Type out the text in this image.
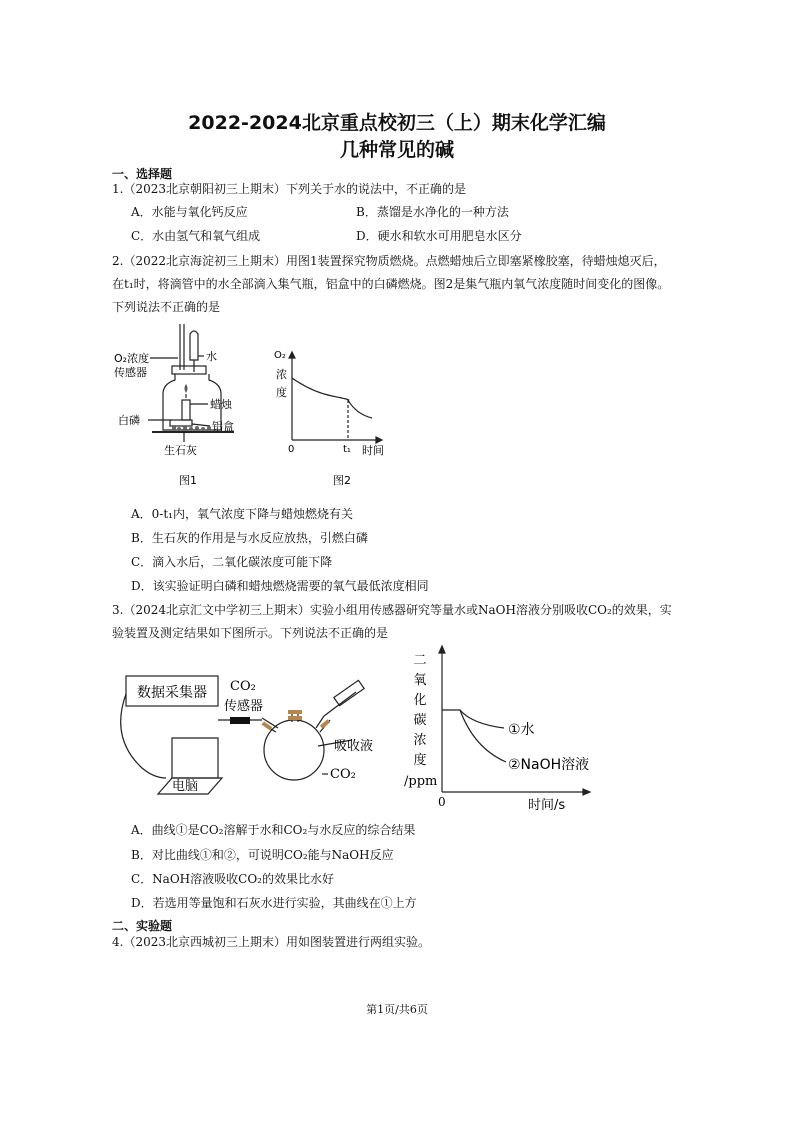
2022-2024北京重点校初三（上）期末化学汇编
几种常见的碱
一、选择题
1.（2023北京朝阳初三上期末）下列关于水的说法中，不正确的是
A．水能与氧化钙反应	B．蒸馏是水净化的一种方法
C．水由氢气和氧气组成	D．硬水和软水可用肥皂水区分
2.（2022北京海淀初三上期末）用图1装置探究物质燃烧。点燃蜡烛后立即塞紧橡胶塞，待蜡烛熄灭后，
在t₁时，将滴管中的水全部滴入集气瓶，铝盒中的白磷燃烧。图2是集气瓶内氧气浓度随时间变化的图像。
下列说法不正确的是
O₂浓度
传感器
水
蜡烛
白磷	铝盒
生石灰
图1
O₂
浓
度
0	t₁ 时间
图2
A．0-t₁内，氧气浓度下降与蜡烛燃烧有关
B．生石灰的作用是与水反应放热，引燃白磷
C．滴入水后，二氧化碳浓度可能下降
D．该实验证明白磷和蜡烛燃烧需要的氧气最低浓度相同
3.（2024北京汇文中学初三上期末）实验小组用传感器研究等量水或NaOH溶液分别吸收CO₂的效果，实
验装置及测定结果如下图所示。下列说法不正确的是
数据采集器 CO₂
传感器
电脑
吸收液
CO₂
二
氧
化
碳
浓
度
/ppm
0	时间/s
①水
②NaOH溶液
A．曲线①是CO₂溶解于水和CO₂与水反应的综合结果
B．对比曲线①和②，可说明CO₂能与NaOH反应
C．NaOH溶液吸收CO₂的效果比水好
D．若选用等量饱和石灰水进行实验，其曲线在①上方
二、实验题
4.（2023北京西城初三上期末）用如图装置进行两组实验。
第1页/共6页
